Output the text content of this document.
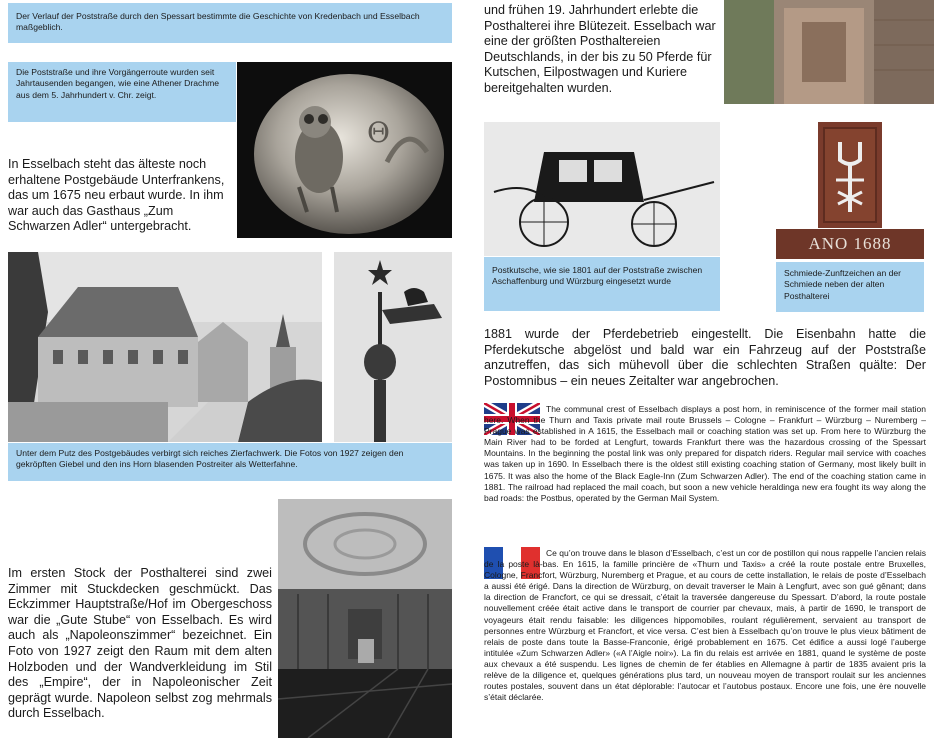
Der Verlauf der Poststraße durch den Spessart bestimmte die Geschichte von Kredenbach und Esselbach maßgeblich.
Die Poststraße und ihre Vorgängerroute wurden seit Jahrtausenden begangen, wie eine Athener Drachme aus dem 5. Jahrhundert v. Chr. zeigt.
Θ
In Esselbach steht das älteste noch erhaltene Postgebäude Unterfrankens, das um 1675 neu erbaut wurde. In ihm war auch das Gasthaus „Zum Schwarzen Adler“ untergebracht.
Unter dem Putz des Postgebäudes verbirgt sich reiches Zierfachwerk. Die Fotos von 1927 zeigen den gekröpften Giebel und den ins Horn blasenden Postreiter als Wetterfahne.
Im ersten Stock der Posthalterei sind zwei Zimmer mit Stuckdecken geschmückt. Das Eckzimmer Hauptstraße/Hof im Obergeschoss war die „Gute Stube“ von Esselbach. Es wird auch als „Napoleonszimmer“ bezeichnet. Ein Foto von 1927 zeigt den Raum mit dem alten Holzboden und der Wandverkleidung im Stil des „Empire“, der in Napoleonischer Zeit geprägt wurde. Napoleon selbst zog mehrmals durch Esselbach.
und frühen 19. Jahrhundert erlebte die Posthalterei ihre Blütezeit. Esselbach war eine der größten Posthaltereien Deutschlands, in der bis zu 50 Pferde für Kutschen, Eilpostwagen und Kuriere bereitgehalten wurden.
Postkutsche, wie sie 1801 auf der Poststraße zwischen Aschaffenburg und Würzburg eingesetzt wurde
ANO 1688
Schmiede-Zunftzeichen an der Schmiede neben der alten Posthalterei
1881 wurde der Pferdebetrieb eingestellt. Die Eisenbahn hatte die Pferdekutsche abgelöst und bald war ein Fahrzeug auf der Poststraße anzutreffen, das sich mühevoll über die schlechten Straßen quälte: Der Postomnibus – ein neues Zeitalter war angebrochen.
The communal crest of Esselbach displays a post horn, in reminiscence of the former mail station here. When the Thurn and Taxis private mail route Brussels – Cologne – Frankfurt – Würzburg – Nuremberg – Prague was established in A 1615, the Esselbach mail or coaching station was set up. From here to Würzburg the Main River had to be forded at Lengfurt, towards Frankfurt there was the hazardous crossing of the Spessart Mountains. In the beginning the postal link was only prepared for dispatch riders. Regular mail service with coaches was taken up in 1690. In Esselbach there is the oldest still existing coaching station of Germany, most likely built in 1675. It was also the home of the Black Eagle-Inn (Zum Schwarzen Adler). The end of the coaching station came in 1881. The railroad had replaced the mail coach, but soon a new vehicle heraldinga new era fought its way along the bad roads: the Postbus, operated by the German Mail System.
Ce qu’on trouve dans le blason d’Esselbach, c’est un cor de postillon qui nous rappelle l’ancien relais de la poste là-bas. En 1615, la famille princière de «Thurn und Taxis» a créé la route postale entre Bruxelles, Cologne, Francfort, Würzburg, Nuremberg et Prague, et au cours de cette installation, le relais de poste d’Esselbach a aussi été érigé. Dans la direction de Würzburg, on devait traverser le Main à Lengfurt, avec son gué gênant; dans la direction de Francfort, ce qui se dressait, c’était la traversée dangereuse du Spessart. D’abord, la route postale nouvellement créée était active dans le transport de courrier par chevaux, mais, à partir de 1690, le transport de voyageurs était rendu faisable: les diligences hippomobiles, roulant régulièrement, servaient au transport de personnes entre Würzburg et Francfort, et vice versa. C’est bien à Esselbach qu’on trouve le plus vieux bâtiment de relais de poste dans toute la Basse-Franconie, érigé probablement en 1675. Cet édifice a aussi logé l’auberge intitulée «Zum Schwarzen Adler» («A l’Aigle noir»). La fin du relais est arrivée en 1881, quand le système de poste aux chevaux a été suspendu. Les lignes de chemin de fer établies en Allemagne à partir de 1835 avaient pris la relève de la diligence et, quelques générations plus tard, un nouveau moyen de transport roulait sur les anciennes routes postales, souvent dans un état déplorable: l’autocar et l’autobus postaux. Encore une fois, une ère nouvelle s’était déclarée.
